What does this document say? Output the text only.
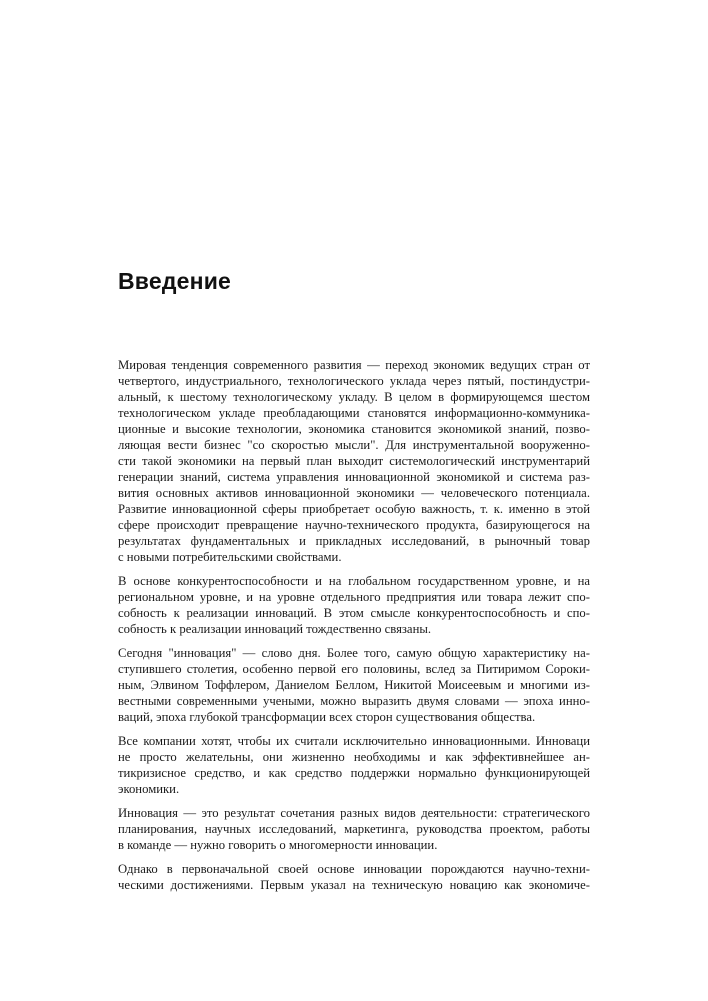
Введение

Мировая тенденция современного развития — переход экономик ведущих стран от
четвертого, индустриального, технологического уклада через пятый, постиндустри-
альный, к шестому технологическому укладу. В целом в формирующемся шестом
технологическом укладе преобладающими становятся информационно-коммуника-
ционные и высокие технологии, экономика становится экономикой знаний, позво-
ляющая вести бизнес "со скоростью мысли". Для инструментальной вооруженно-
сти такой экономики на первый план выходит системологический инструментарий
генерации знаний, система управления инновационной экономикой и система раз-
вития основных активов инновационной экономики — человеческого потенциала.
Развитие инновационной сферы приобретает особую важность, т. к. именно в этой
сфере происходит превращение научно-технического продукта, базирующегося на
результатах фундаментальных и прикладных исследований, в рыночный товар
с новыми потребительскими свойствами.

В основе конкурентоспособности и на глобальном государственном уровне, и на
региональном уровне, и на уровне отдельного предприятия или товара лежит спо-
собность к реализации инноваций. В этом смысле конкурентоспособность и спо-
собность к реализации инноваций тождественно связаны.

Сегодня "инновация" — слово дня. Более того, самую общую характеристику на-
ступившего столетия, особенно первой его половины, вслед за Питиримом Сороки-
ным, Элвином Тоффлером, Даниелом Беллом, Никитой Моисеевым и многими из-
вестными современными учеными, можно выразить двумя словами — эпоха инно-
ваций, эпоха глубокой трансформации всех сторон существования общества.

Все компании хотят, чтобы их считали исключительно инновационными. Инноваци
не просто желательны, они жизненно необходимы и как эффективнейшее ан-
тикризисное средство, и как средство поддержки нормально функционирующей
экономики.

Инновация — это результат сочетания разных видов деятельности: стратегического
планирования, научных исследований, маркетинга, руководства проектом, работы
в команде — нужно говорить о многомерности инновации.

Однако в первоначальной своей основе инновации порождаются научно-техни-
ческими достижениями. Первым указал на техническую новацию как экономиче-
